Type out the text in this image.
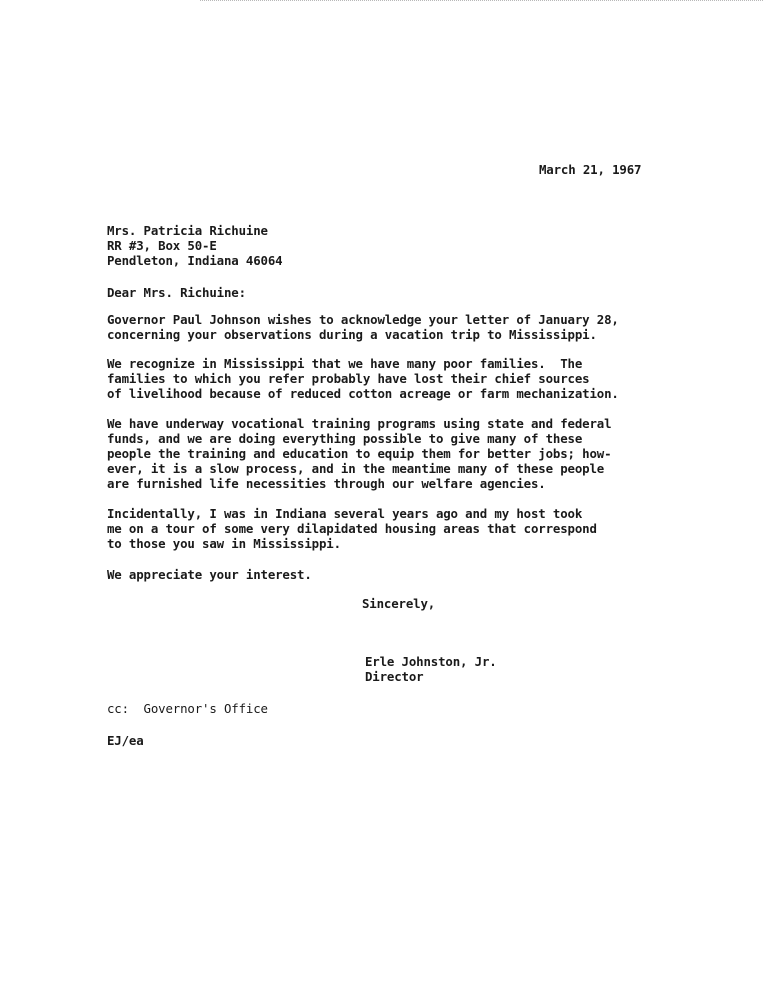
March 21, 1967
Mrs. Patricia Richuine
RR #3, Box 50-E
Pendleton, Indiana 46064
Dear Mrs. Richuine:
Governor Paul Johnson wishes to acknowledge your letter of January 28,
concerning your observations during a vacation trip to Mississippi.
We recognize in Mississippi that we have many poor families.  The
families to which you refer probably have lost their chief sources
of livelihood because of reduced cotton acreage or farm mechanization.
We have underway vocational training programs using state and federal
funds, and we are doing everything possible to give many of these
people the training and education to equip them for better jobs; how-
ever, it is a slow process, and in the meantime many of these people
are furnished life necessities through our welfare agencies.
Incidentally, I was in Indiana several years ago and my host took
me on a tour of some very dilapidated housing areas that correspond
to those you saw in Mississippi.
We appreciate your interest.
Sincerely,
Erle Johnston, Jr.
Director
cc:  Governor's Office
EJ/ea
